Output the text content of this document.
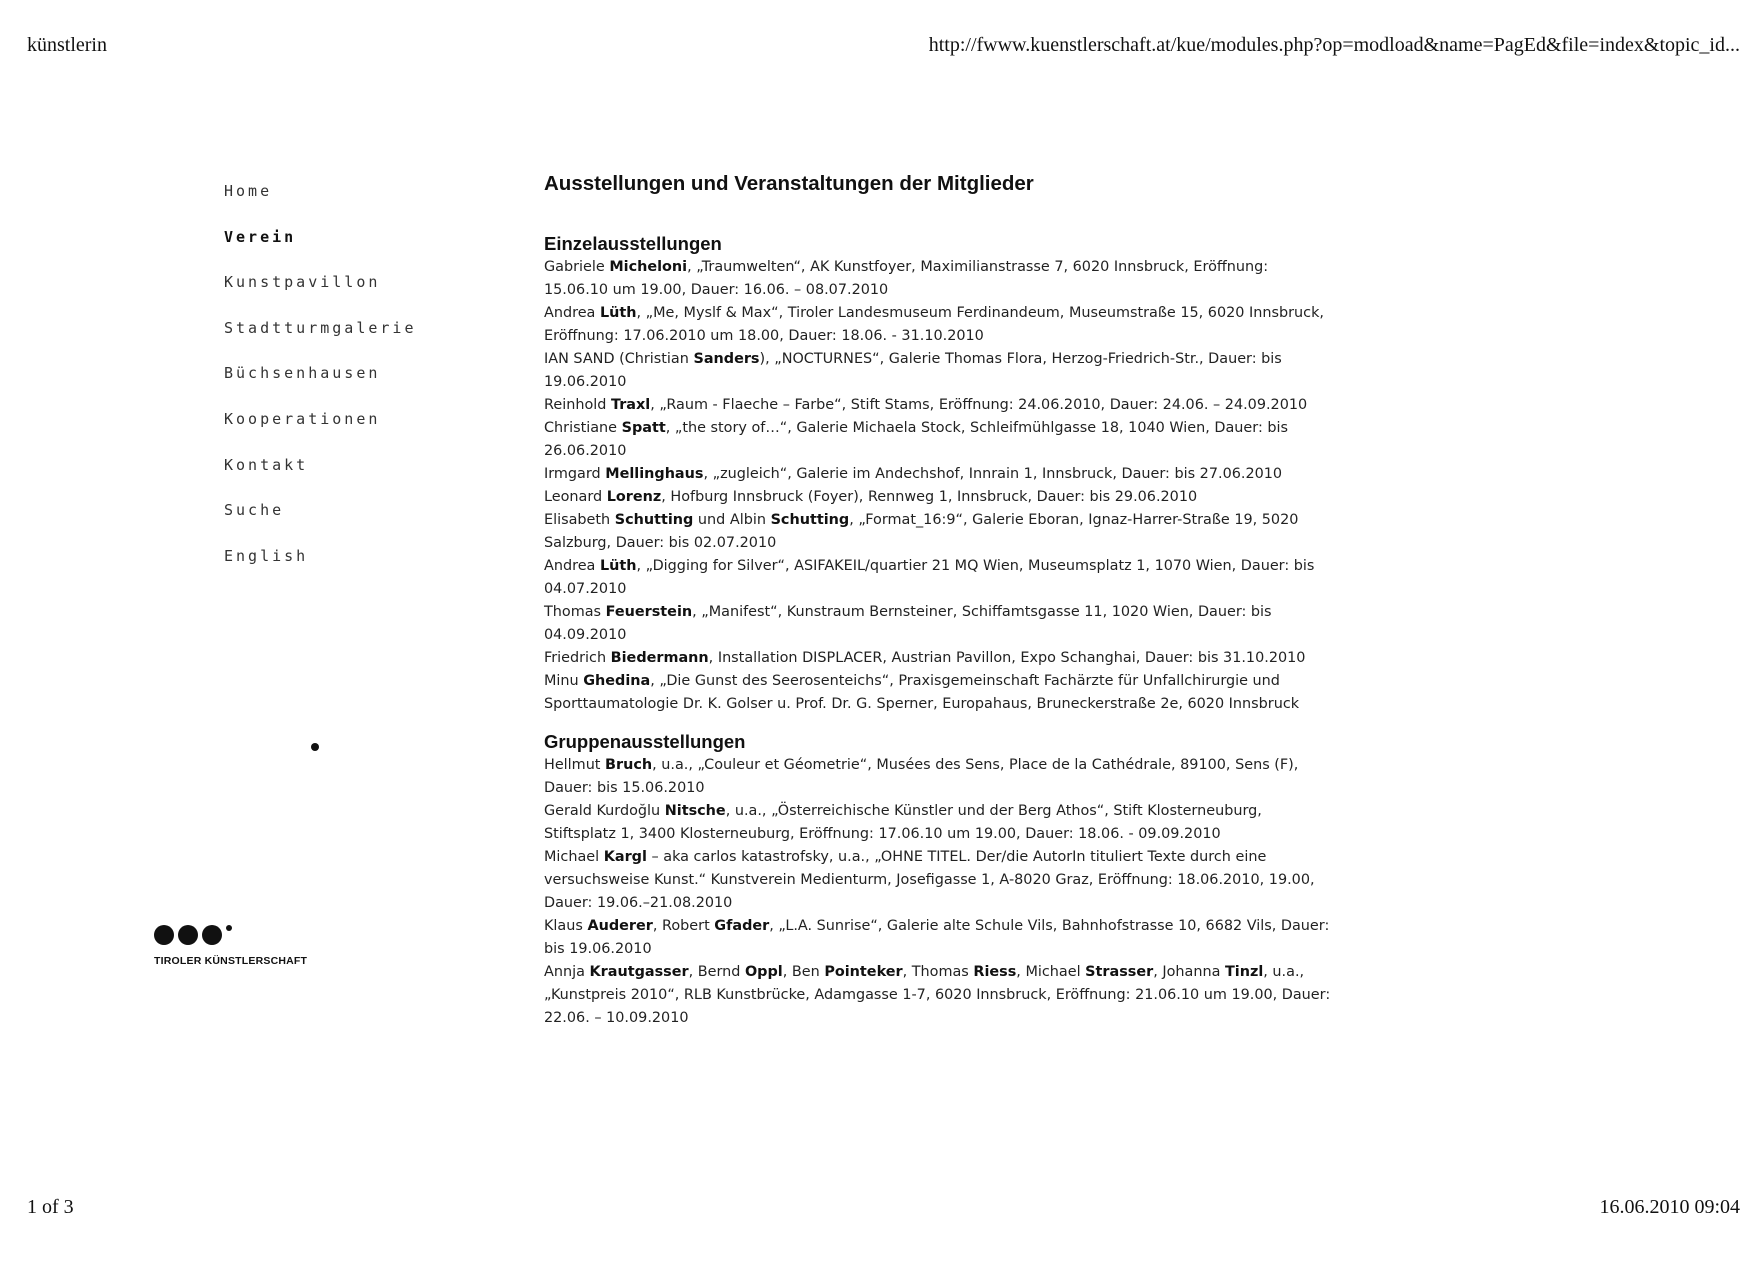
künstlerin	http://fwww.kuenstlerschaft.at/kue/modules.php?op=modload&name=PagEd&file=index&topic_id...
Home
Verein
Kunstpavillon
Stadtturmgalerie
Büchsenhausen
Kooperationen
Kontakt
Suche
English
TIROLER KÜNSTLERSCHAFT
Ausstellungen und Veranstaltungen der Mitglieder
Einzelausstellungen
Gabriele Micheloni, „Traumwelten“, AK Kunstfoyer, Maximilianstrasse 7, 6020 Innsbruck, Eröffnung: 15.06.10 um 19.00, Dauer: 16.06. – 08.07.2010
Andrea Lüth, „Me, Myslf & Max“, Tiroler Landesmuseum Ferdinandeum, Museumstraße 15, 6020 Innsbruck, Eröffnung: 17.06.2010 um 18.00, Dauer: 18.06. - 31.10.2010
IAN SAND (Christian Sanders), „NOCTURNES“, Galerie Thomas Flora, Herzog-Friedrich-Str., Dauer: bis 19.06.2010
Reinhold Traxl, „Raum - Flaeche – Farbe“, Stift Stams, Eröffnung: 24.06.2010, Dauer: 24.06. – 24.09.2010
Christiane Spatt, „the story of…“, Galerie Michaela Stock, Schleifmühlgasse 18, 1040 Wien, Dauer: bis 26.06.2010
Irmgard Mellinghaus, „zugleich“, Galerie im Andechshof, Innrain 1, Innsbruck, Dauer: bis 27.06.2010
Leonard Lorenz, Hofburg Innsbruck (Foyer), Rennweg 1, Innsbruck, Dauer: bis 29.06.2010
Elisabeth Schutting und Albin Schutting, „Format_16:9“, Galerie Eboran, Ignaz-Harrer-Straße 19, 5020 Salzburg, Dauer: bis 02.07.2010
Andrea Lüth, „Digging for Silver“, ASIFAKEIL/quartier 21 MQ Wien, Museumsplatz 1, 1070 Wien, Dauer: bis 04.07.2010
Thomas Feuerstein, „Manifest“, Kunstraum Bernsteiner, Schiffamtsgasse 11, 1020 Wien, Dauer: bis 04.09.2010
Friedrich Biedermann, Installation DISPLACER, Austrian Pavillon, Expo Schanghai, Dauer: bis 31.10.2010
Minu Ghedina, „Die Gunst des Seerosenteichs“, Praxisgemeinschaft Fachärzte für Unfallchirurgie und Sporttaumatologie Dr. K. Golser u. Prof. Dr. G. Sperner, Europahaus, Bruneckerstraße 2e, 6020 Innsbruck
Gruppenausstellungen
Hellmut Bruch, u.a., „Couleur et Géometrie“, Musées des Sens, Place de la Cathédrale, 89100, Sens (F), Dauer: bis 15.06.2010
Gerald Kurdoğlu Nitsche, u.a., „Österreichische Künstler und der Berg Athos“, Stift Klosterneuburg, Stiftsplatz 1, 3400 Klosterneuburg, Eröffnung: 17.06.10 um 19.00, Dauer: 18.06. - 09.09.2010
Michael Kargl – aka carlos katastrofsky, u.a., „OHNE TITEL. Der/die AutorIn tituliert Texte durch eine versuchsweise Kunst.“ Kunstverein Medienturm, Josefigasse 1, A-8020 Graz, Eröffnung: 18.06.2010, 19.00, Dauer: 19.06.–21.08.2010
Klaus Auderer, Robert Gfader, „L.A. Sunrise“, Galerie alte Schule Vils, Bahnhofstrasse 10, 6682 Vils, Dauer: bis 19.06.2010
Annja Krautgasser, Bernd Oppl, Ben Pointeker, Thomas Riess, Michael Strasser, Johanna Tinzl, u.a., „Kunstpreis 2010“, RLB Kunstbrücke, Adamgasse 1-7, 6020 Innsbruck, Eröffnung: 21.06.10 um 19.00, Dauer: 22.06. – 10.09.2010
1 of 3	16.06.2010 09:04
